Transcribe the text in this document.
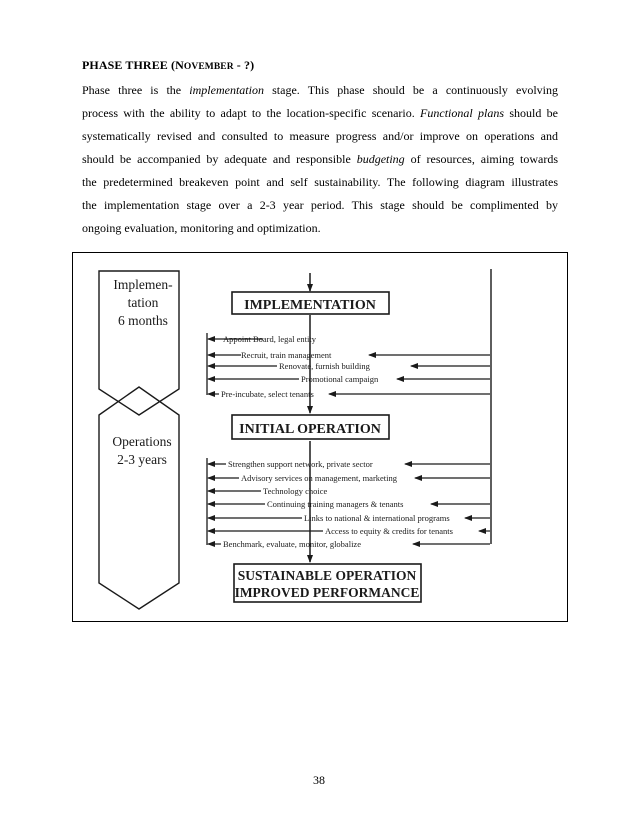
PHASE THREE (NOVEMBER - ?)
Phase three is the implementation stage. This phase should be a continuously evolving
process with the ability to adapt to the location-specific scenario. Functional plans should be
systematically revised and consulted to measure progress and/or improve on operations and
should be accompanied by adequate and responsible budgeting of resources, aiming towards
the predetermined breakeven point and self sustainability. The following diagram illustrates
the implementation stage over a 2-3 year period. This stage should be complimented by
ongoing evaluation, monitoring and optimization.
Implemen-
tation
6 months
Operations
2-3 years
IMPLEMENTATION
INITIAL OPERATION
SUSTAINABLE OPERATION
IMPROVED PERFORMANCE
Appoint Board, legal entity
Recruit, train management
Renovate, furnish building
Promotional campaign
Pre-incubate, select tenants
Strengthen support network, private sector
Advisory services on management, marketing
Technology choice
Continuing training managers & tenants
Links to national & international programs
Access to equity & credits for tenants
Benchmark, evaluate, monitor, globalize
38
